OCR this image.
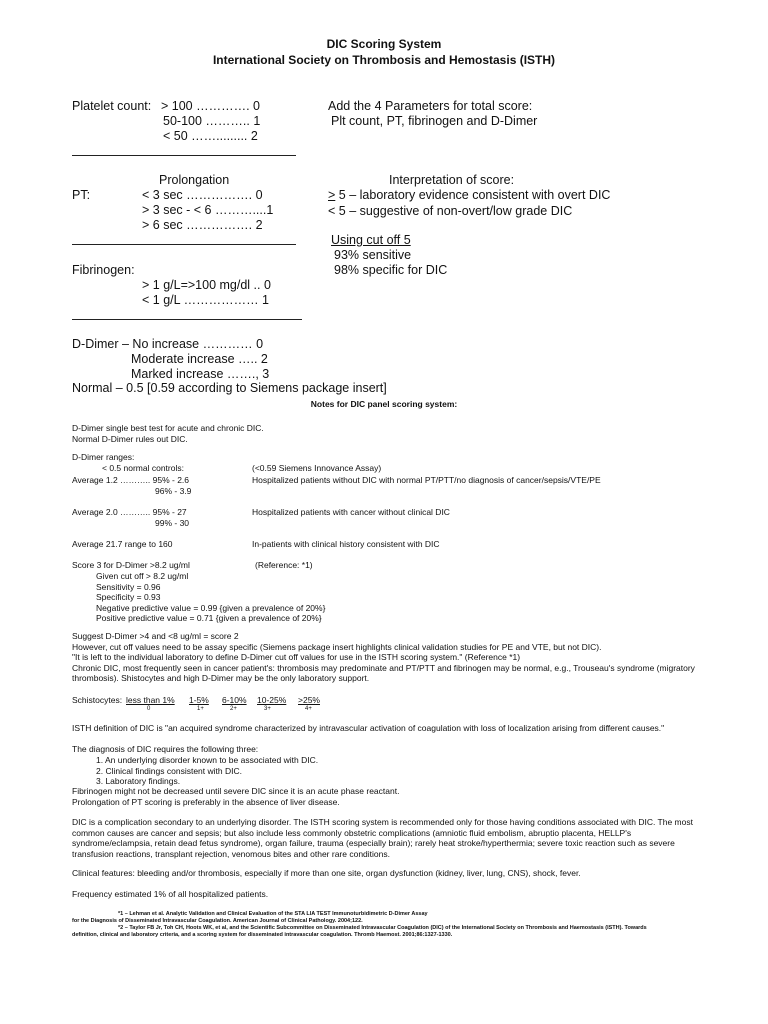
DIC Scoring System
International Society on Thrombosis and Hemostasis (ISTH)
Platelet count: > 100 …………. 0
50-100 ……….. 1
< 50 ……......... 2
Prolongation
PT:	< 3 sec ……………. 0
> 3 sec - < 6 ………....1
> 6 sec ……………. 2
Fibrinogen:
> 1 g/L=>100 mg/dl .. 0
< 1 g/L ……………… 1
D-Dimer – No increase ………… 0
Moderate increase ….. 2
Marked increase ……., 3
Normal – 0.5 [0.59 according to Siemens package insert]
Add the 4 Parameters for total score:
Plt count, PT, fibrinogen and D-Dimer
Interpretation of score:
≥ 5 – laboratory evidence consistent with overt DIC
< 5 – suggestive of non-overt/low grade DIC
Using cut off 5
93% sensitive
98% specific for DIC
Notes for DIC panel scoring system:
D-Dimer single best test for acute and chronic DIC.
Normal D-Dimer rules out DIC.
D-Dimer ranges:
< 0.5 normal controls:	(<0.59 Siemens Innovance Assay)
Average 1.2 ……….. 95% - 2.6	Hospitalized patients without DIC with normal PT/PTT/no diagnosis of cancer/sepsis/VTE/PE
96% - 3.9
Average 2.0 ……….. 95% - 27	Hospitalized patients with cancer without clinical DIC
99% - 30
Average 21.7 range to 160	In-patients with clinical history consistent with DIC
Score 3 for D-Dimer >8.2 ug/ml	(Reference: *1)
Given cut off > 8.2 ug/ml
Sensitivity = 0.96
Specificity = 0.93
Negative predictive value = 0.99 {given a prevalence of 20%}
Positive predictive value = 0.71 {given a prevalence of 20%}
Suggest D-Dimer >4 and <8 ug/ml = score 2
However, cut off values need to be assay specific (Siemens package insert highlights clinical validation studies for PE and VTE, but not DIC).
"It is left to the individual laboratory to define D-Dimer cut off values for use in the ISTH scoring system." (Reference *1)
Chronic DIC, most frequently seen in cancer patient's: thrombosis may predominate and PT/PTT and fibrinogen may be normal, e.g., Trouseau's syndrome (migratory
thrombosis). Shistocytes and high D-Dimer may be the only laboratory support.
Schistocytes: less than 1% 1-5% 6-10% 10-25% >25%
0	1+	2+	3+	4+
ISTH definition of DIC is "an acquired syndrome characterized by intravascular activation of coagulation with loss of localization arising from different causes."
The diagnosis of DIC requires the following three:
1. An underlying disorder known to be associated with DIC.
2. Clinical findings consistent with DIC.
3. Laboratory findings.
Fibrinogen might not be decreased until severe DIC since it is an acute phase reactant.
Prolongation of PT scoring is preferably in the absence of liver disease.
DIC is a complication secondary to an underlying disorder. The ISTH scoring system is recommended only for those having conditions associated with DIC. The most
common causes are cancer and sepsis; but also include less commonly obstetric complications (amniotic fluid embolism, abruptio placenta, HELLP's
syndrome/eclampsia, retain dead fetus syndrome), organ failure, trauma (especially brain); rarely heat stroke/hyperthermia; severe toxic reaction such as severe
transfusion reactions, transplant rejection, venomous bites and other rare conditions.
Clinical features: bleeding and/or thrombosis, especially if more than one site, organ dysfunction (kidney, liver, lung, CNS), shock, fever.
Frequency estimated 1% of all hospitalized patients.
*1 – Lehman et al. Analytic Validation and Clinical Evaluation of the STA LIA TEST Immunoturbidimetric D-Dimer Assay
for the Diagnosis of Disseminated Intravascular Coagulation. American Journal of Clinical Pathology. 2004;122.
*2 – Taylor FB Jr, Toh CH, Hoots WK, et al, and the Scientific Subcommittee on Disseminated Intravascular Coagulation (DIC) of the International Society on Thrombosis and Haemostasis (ISTH). Towards
definition, clinical and laboratory criteria, and a scoring system for disseminated intravascular coagulation. Thromb Haemost. 2001;86:1327-1330.
